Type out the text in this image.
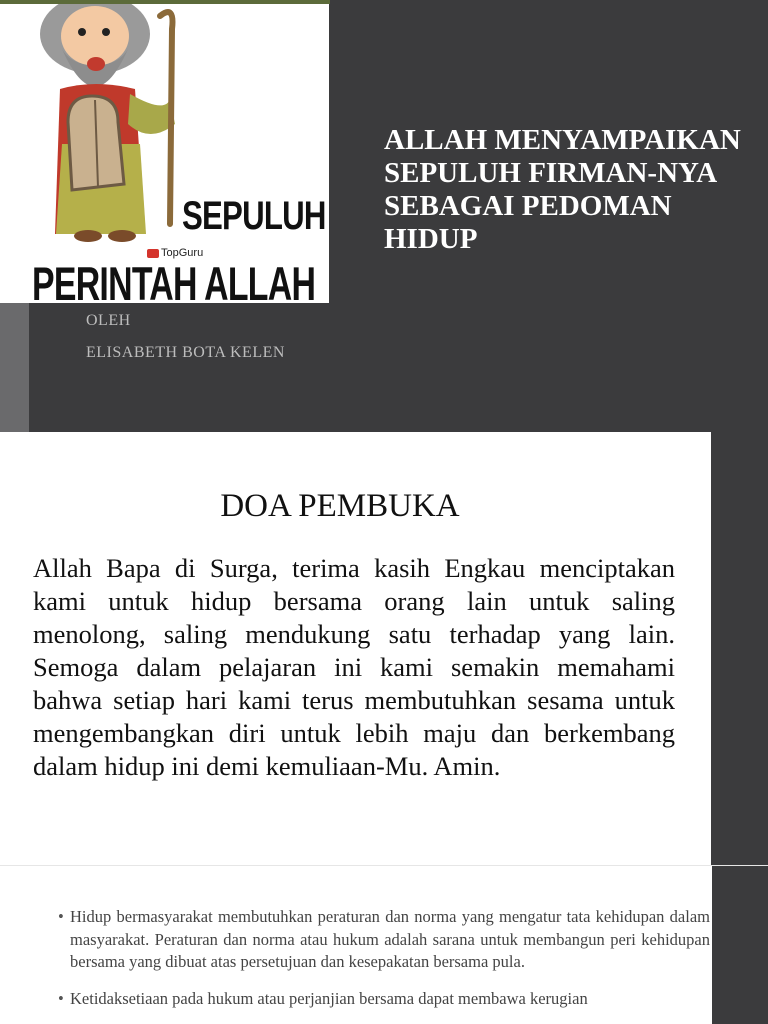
SEPULUH
TopGuru
PERINTAH ALLAH
ALLAH MENYAMPAIKAN SEPULUH FIRMAN-NYA SEBAGAI PEDOMAN HIDUP
OLEH
ELISABETH BOTA KELEN
DOA PEMBUKA

Allah Bapa di Surga, terima kasih Engkau menciptakan kami untuk hidup bersama orang lain untuk saling menolong, saling mendukung satu terhadap yang lain. Semoga dalam pelajaran ini kami semakin memahami bahwa setiap hari kami terus membutuhkan sesama untuk mengembangkan diri untuk lebih maju dan berkembang dalam hidup ini demi kemuliaan-Mu. Amin.

• Hidup bermasyarakat membutuhkan peraturan dan norma yang mengatur tata kehidupan dalam masyarakat. Peraturan dan norma atau hukum adalah sarana untuk membangun peri kehidupan bersama yang dibuat atas persetujuan dan kesepakatan bersama pula.
• Ketidaksetiaan pada hukum atau perjanjian bersama dapat membawa kerugian
